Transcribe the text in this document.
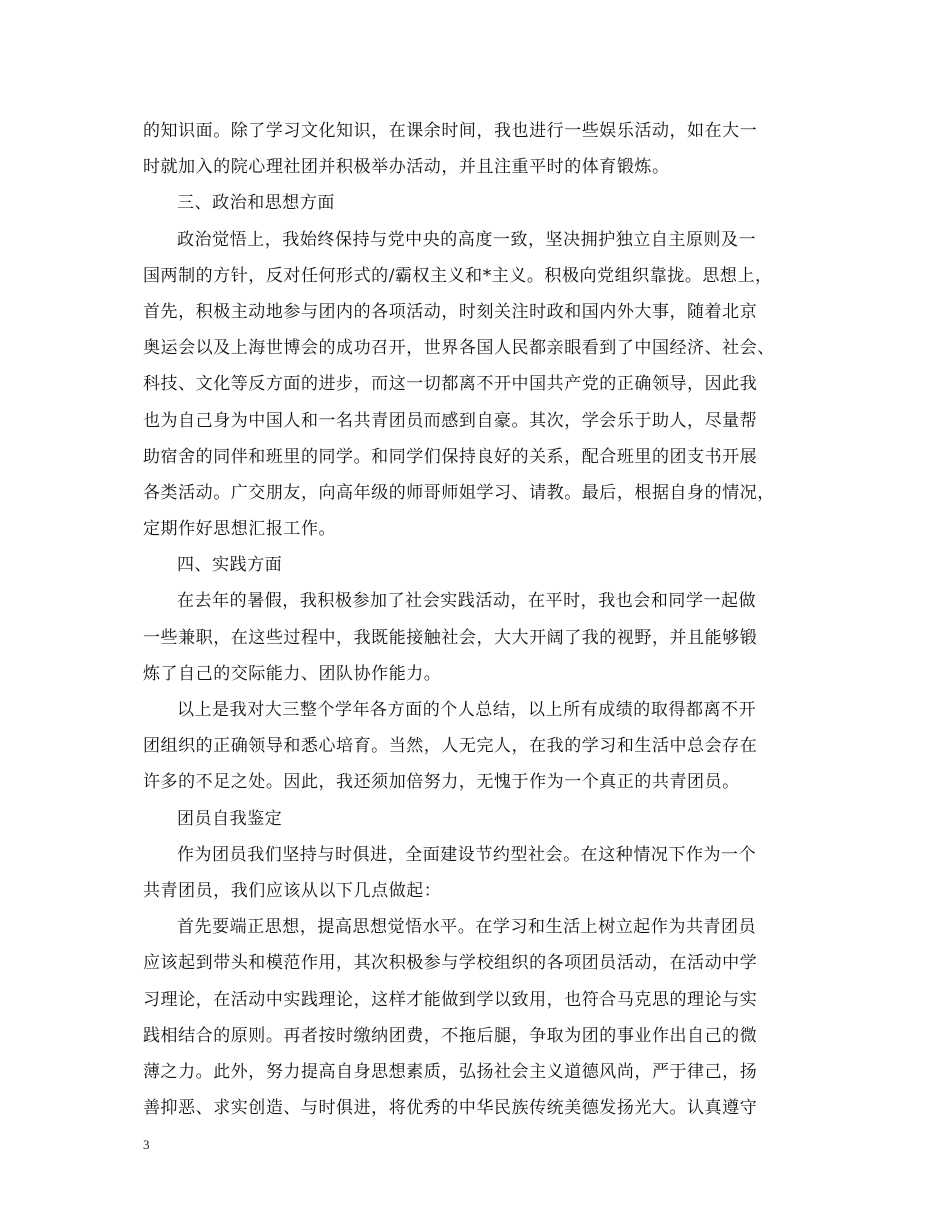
的知识面。除了学习文化知识，在课余时间，我也进行一些娱乐活动，如在大一
时就加入的院心理社团并积极举办活动，并且注重平时的体育锻炼。
三、政治和思想方面
政治觉悟上，我始终保持与党中央的高度一致，坚决拥护独立自主原则及一
国两制的方针，反对任何形式的/霸权主义和*主义。积极向党组织靠拢。思想上，
首先，积极主动地参与团内的各项活动，时刻关注时政和国内外大事，随着北京
奥运会以及上海世博会的成功召开，世界各国人民都亲眼看到了中国经济、社会、
科技、文化等反方面的进步，而这一切都离不开中国共产党的正确领导，因此我
也为自己身为中国人和一名共青团员而感到自豪。其次，学会乐于助人，尽量帮
助宿舍的同伴和班里的同学。和同学们保持良好的关系，配合班里的团支书开展
各类活动。广交朋友，向高年级的师哥师姐学习、请教。最后，根据自身的情况，
定期作好思想汇报工作。
四、实践方面
在去年的暑假，我积极参加了社会实践活动，在平时，我也会和同学一起做
一些兼职，在这些过程中，我既能接触社会，大大开阔了我的视野，并且能够锻
炼了自己的交际能力、团队协作能力。
以上是我对大三整个学年各方面的个人总结，以上所有成绩的取得都离不开
团组织的正确领导和悉心培育。当然，人无完人，在我的学习和生活中总会存在
许多的不足之处。因此，我还须加倍努力，无愧于作为一个真正的共青团员。
团员自我鉴定
作为团员我们坚持与时俱进，全面建设节约型社会。在这种情况下作为一个
共青团员，我们应该从以下几点做起：
首先要端正思想，提高思想觉悟水平。在学习和生活上树立起作为共青团员
应该起到带头和模范作用，其次积极参与学校组织的各项团员活动，在活动中学
习理论，在活动中实践理论，这样才能做到学以致用，也符合马克思的理论与实
践相结合的原则。再者按时缴纳团费，不拖后腿，争取为团的事业作出自己的微
薄之力。此外，努力提高自身思想素质，弘扬社会主义道德风尚，严于律己，扬
善抑恶、求实创造、与时俱进，将优秀的中华民族传统美德发扬光大。认真遵守
3
